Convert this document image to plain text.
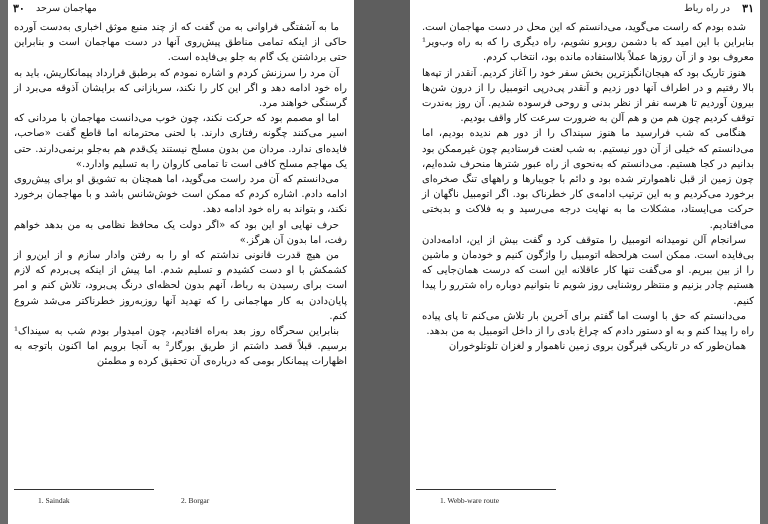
۳۰ مهاجمان سرحد

ما به آشفتگی فراوانی به من گفت که از چند منبع موثق اخباری به‌دست آورده حاکی از اینکه تمامی مناطق پیش‌روی آنها در دست مهاجمان است و بنابراین حتی برداشتن یک گام به جلو بی‌فایده است.

آن مرد را سرزنش کردم و اشاره نمودم که برطبق قرارداد پیمانکاریش، باید به راه خود ادامه دهد و اگر این کار را نکند، سربازانی که برایشان آذوقه می‌برد از گرسنگی خواهند مرد.

اما او مصمم بود که حرکت نکند، چون خوب می‌دانست مهاجمان با مردانی که اسیر می‌کنند چگونه رفتاری دارند. با لحنی محترمانه اما قاطع گفت «صاحب، فایده‌ای ندارد. مردان من بدون مسلح نیستند یک‌قدم هم به‌جلو برنمی‌دارند. حتی یک مهاجم مسلح کافی است تا تمامی کاروان را به تسلیم وادارد.»

می‌دانستم که آن مرد راست می‌گوید، اما همچنان به تشویق او برای پیش‌روی ادامه دادم. اشاره کردم که ممکن است خوش‌شانس باشد و با مهاجمان برخورد نکند، و بتواند به راه خود ادامه دهد.

حرف نهایی او این بود که «اگر دولت یک محافظ نظامی به من بدهد خواهم رفت، اما بدون آن هرگز.»

من هیچ قدرت قانونی نداشتم که او را به رفتن وادار سازم و از این‌رو از کشمکش با او دست کشیدم و تسلیم شدم. اما پیش از اینکه پی‌بردم که لازم است برای رسیدن به رباط، آنهم بدون لحظه‌ای درنگ پی‌برود، تلاش کنم و امر پایان‌دادن به کار مهاجمانی را که تهدید آنها روزبه‌روز خطرناکتر می‌شد شروع کنم.

بنابراین سحرگاه روز بعد به‌راه افتادیم، چون امیدوار بودم شب به سینداک¹ برسیم. قبلاً قصد داشتم از طریق بورگار² به آنجا برویم اما اکنون باتوجه به اظهارات پیمانکار بومی که درباره‌ی آن تحقیق کرده و مطمئن

1. Saindak	2. Borgar
۳۱
در راه رباط

شده بودم که راست می‌گوید، می‌دانستم که این محل در دست مهاجمان است. بنابراین با این امید که با دشمن روبرو نشویم، راه دیگری را که به راه وب‌ویر¹ معروف بود و از آن روزها عملاً بلااستفاده مانده بود، انتخاب کردم.

هنوز تاریک بود که هیجان‌انگیزترین بخش سفر خود را آغاز کردیم. آنقدر از تپه‌ها بالا رفتیم و در اطراف آنها دور زدیم و آنقدر پی‌درپی اتومبیل را از درون شن‌ها بیرون آوردیم تا هرسه نفر از نظر بدنی و روحی فرسوده شدیم. آن روز به‌ندرت توقف کردیم چون هم من و هم آلن به ضرورت سرعت کار واقف بودیم.

هنگامی که شب فرارسید ما هنوز سینداک را از دور هم ندیده بودیم، اما می‌دانستم که خیلی از آن دور نیستیم. به شب لعنت فرستادیم چون غیرممکن بود بدانیم در کجا هستیم. می‌دانستم که به‌نحوی از راه عبور شترها منحرف شده‌ایم، چون زمین از قبل ناهموارتر شده بود و دائم با جویبارها و راههای تنگ صخره‌ای برخورد می‌کردیم و به این ترتیب ادامه‌ی کار خطرناک بود. اگر اتومبیل ناگهان از حرکت می‌ایستاد، مشکلات ما به نهایت درجه می‌رسید و به فلاکت و بدبختی می‌افتادیم.

سرانجام آلن نومیدانه اتومبیل را متوقف کرد و گفت بیش از این، ادامه‌دادن بی‌فایده است. ممکن است هرلحظه اتومبیل را واژگون کنیم و خودمان و ماشین را از بین ببریم. او می‌گفت تنها کار عاقلانه این است که درست همان‌جایی که هستیم چادر بزنیم و منتظر روشنایی روز شویم تا بتوانیم دوباره راه شتررو را پیدا کنیم.

می‌دانستم که حق با اوست اما گفتم برای آخرین بار تلاش می‌کنم تا پای پیاده راه را پیدا کنم و به او دستور دادم که چراغ بادی را از داخل اتومبیل به من بدهد.

همان‌طور که در تاریکی قیرگون بروی زمین ناهموار و لغزان تلوتلوخوران

1. Webb-ware route
